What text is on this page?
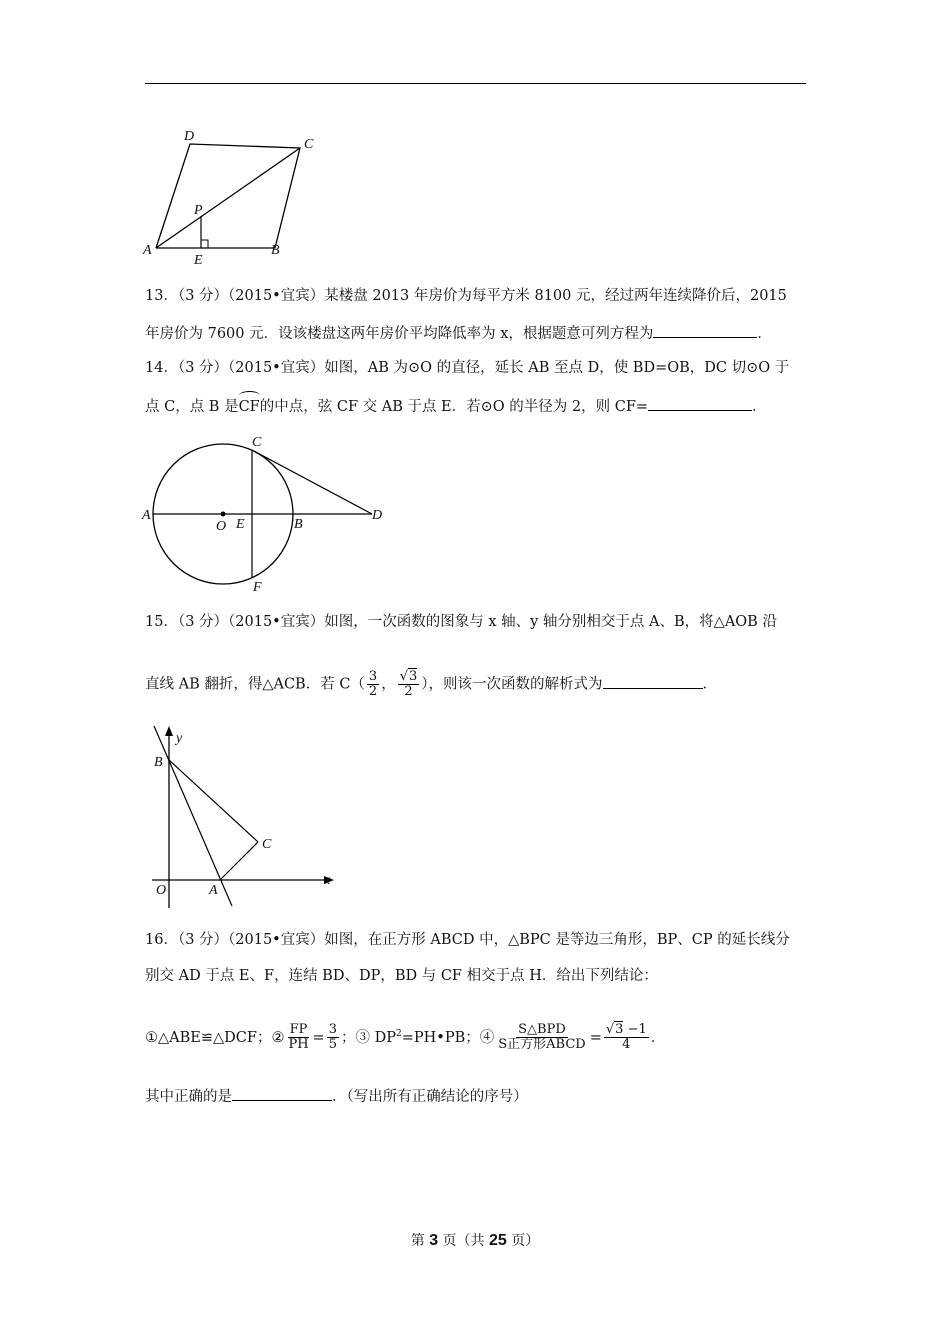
D
C
P
A
E
B
13．（3 分）（2015•宜宾）某楼盘 2013 年房价为每平方米 8100 元，经过两年连续降价后，2015
年房价为 7600 元．设该楼盘这两年房价平均降低率为 x，根据题意可列方程为	．
14．（3 分）（2015•宜宾）如图，AB 为⊙O 的直径，延长 AB 至点 D，使 BD=OB，DC 切⊙O 于
点 C，点 B 是CF的中点，弦 CF 交 AB 于点 E．若⊙O 的半径为 2，则 CF=	．
A
O E	B
D
C
F
15．（3 分）（2015•宜宾）如图，一次函数的图象与 x 轴、y 轴分别相交于点 A、B，将△AOB 沿
直线 AB 翻折，得△ACB．若 $C( \frac{3}{2}$ ， $\frac{√3}{2}$ ），则该一次函数的解析式为	．
y
B
C
O	A
x
16．（3 分）（2015•宜宾）如图，在正方形 ABCD 中，△BPC 是等边三角形，BP、CP 的延长线分
别交 AD 于点 E、F，连结 BD、DP，BD 与 CF 相交于点 H．给出下列结论：
①△ABE≌△DCF；② $\frac{FP}{PH} = \frac{3}{5}$ ；③ $DP^2=PH•PB$；④ $\frac{\text{S△BPD}}{\text{S正方形ABCD}} = \frac{√3 -1}{4}$ ．
其中正确的是	．（写出所有正确结论的序号）
第 3 页（共 25 页）
